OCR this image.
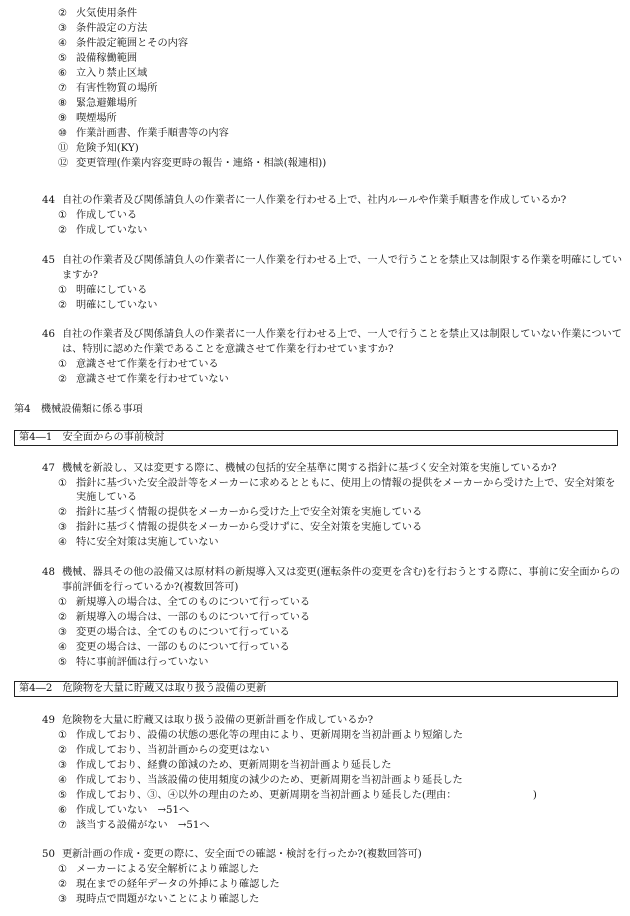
② 火気使用条件
③ 条件設定の方法
④ 条件設定範囲とその内容
⑤ 設備稼働範囲
⑥ 立入り禁止区域
⑦ 有害性物質の場所
⑧ 緊急避難場所
⑨ 喫煙場所
⑩ 作業計画書、作業手順書等の内容
⑪ 危険予知(KY)
⑫ 変更管理(作業内容変更時の報告・連絡・相談(報連相))
44 自社の作業者及び関係請負人の作業者に一人作業を行わせる上で、社内ルールや作業手順書を作成しているか?
① 作成している
② 作成していない
45 自社の作業者及び関係請負人の作業者に一人作業を行わせる上で、一人で行うことを禁止又は制限する作業を明確にしてい
ますか?
① 明確にしている
② 明確にしていない
46 自社の作業者及び関係請負人の作業者に一人作業を行わせる上で、一人で行うことを禁止又は制限していない作業について
は、特別に認めた作業であることを意識させて作業を行わせていますか?
① 意識させて作業を行わせている
② 意識させて作業を行わせていない
第4　機械設備類に係る事項
第4―1　安全面からの事前検討
47 機械を新設し、又は変更する際に、機械の包括的安全基準に関する指針に基づく安全対策を実施しているか?
① 指針に基づいた安全設計等をメーカーに求めるとともに、使用上の情報の提供をメーカーから受けた上で、安全対策を
実施している
② 指針に基づく情報の提供をメーカーから受けた上で安全対策を実施している
③ 指針に基づく情報の提供をメーカーから受けずに、安全対策を実施している
④ 特に安全対策は実施していない
48 機械、器具その他の設備又は原材料の新規導入又は変更(運転条件の変更を含む)を行おうとする際に、事前に安全面からの
事前評価を行っているか?(複数回答可)
① 新規導入の場合は、全てのものについて行っている
② 新規導入の場合は、一部のものについて行っている
③ 変更の場合は、全てのものについて行っている
④ 変更の場合は、一部のものについて行っている
⑤ 特に事前評価は行っていない
第4―2　危険物を大量に貯蔵又は取り扱う設備の更新
49 危険物を大量に貯蔵又は取り扱う設備の更新計画を作成しているか?
① 作成しており、設備の状態の悪化等の理由により、更新周期を当初計画より短縮した
② 作成しており、当初計画からの変更はない
③ 作成しており、経費の節減のため、更新周期を当初計画より延長した
④ 作成しており、当該設備の使用頻度の減少のため、更新周期を当初計画より延長した
⑤ 作成しており、③、④以外の理由のため、更新周期を当初計画より延長した(理由：　　　　　　　　)
⑥ 作成していない　→51へ
⑦ 該当する設備がない　→51へ
50 更新計画の作成・変更の際に、安全面での確認・検討を行ったか?(複数回答可)
① メーカーによる安全解析により確認した
② 現在までの経年データの外挿により確認した
③ 現時点で問題がないことにより確認した
